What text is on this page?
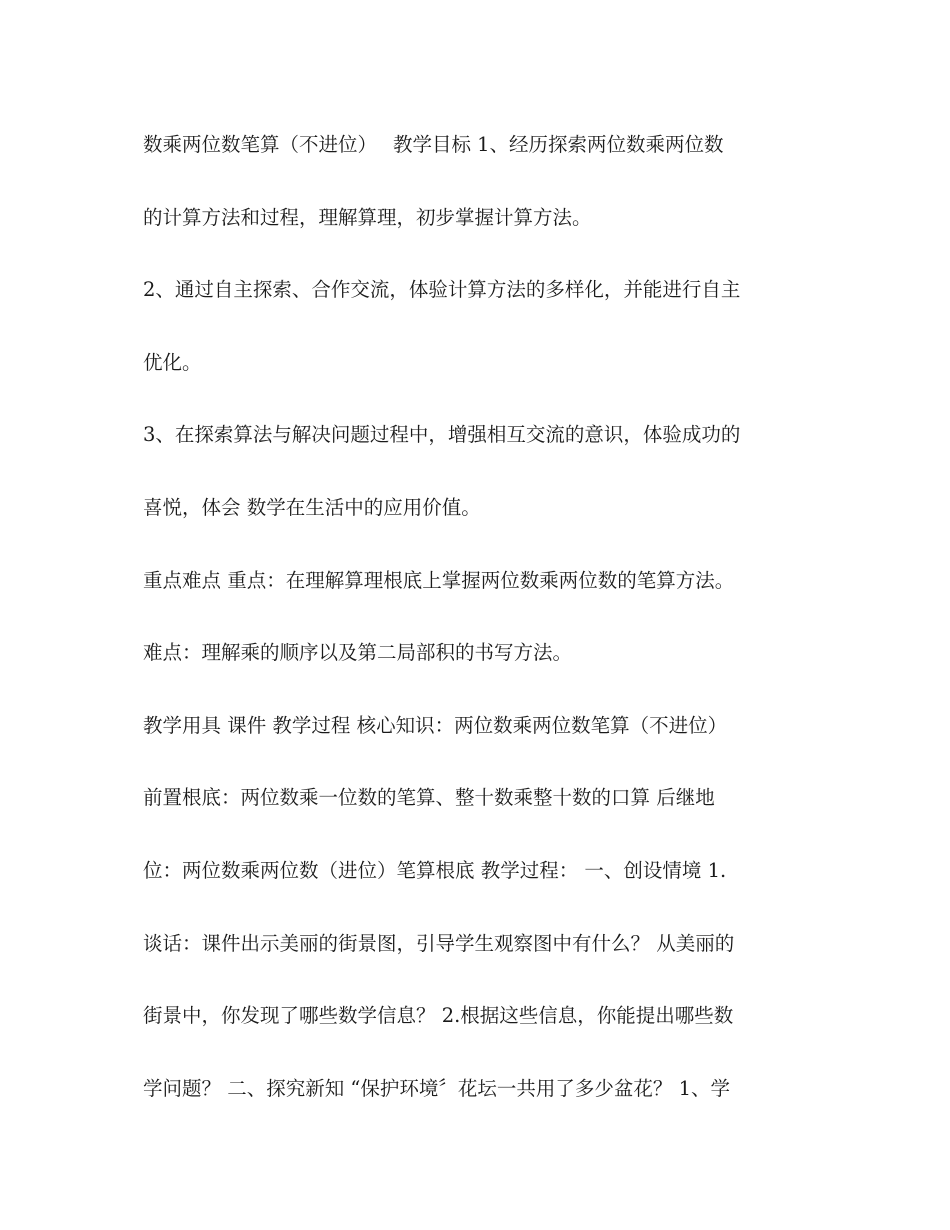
数乘两位数笔算（不进位）　 教学目标 1、经历探索两位数乘两位数

的计算方法和过程，理解算理，初步掌握计算方法。

2、通过自主探索、合作交流，体验计算方法的多样化，并能进行自主

优化。

3、在探索算法与解决问题过程中，增强相互交流的意识，体验成功的

喜悦，体会 数学在生活中的应用价值。

重点难点 重点：在理解算理根底上掌握两位数乘两位数的笔算方法。

难点：理解乘的顺序以及第二局部积的书写方法。

教学用具 课件 教学过程 核心知识：两位数乘两位数笔算（不进位）

前置根底：两位数乘一位数的笔算、整十数乘整十数的口算 后继地

位：两位数乘两位数（进位）笔算根底 教学过程： 一、创设情境 1.

谈话：课件出示美丽的街景图，引导学生观察图中有什么？ 从美丽的

街景中，你发现了哪些数学信息？ 2.根据这些信息，你能提出哪些数

学问题？ 二、探究新知 “保护环境〞花坛一共用了多少盆花？ 1、学
